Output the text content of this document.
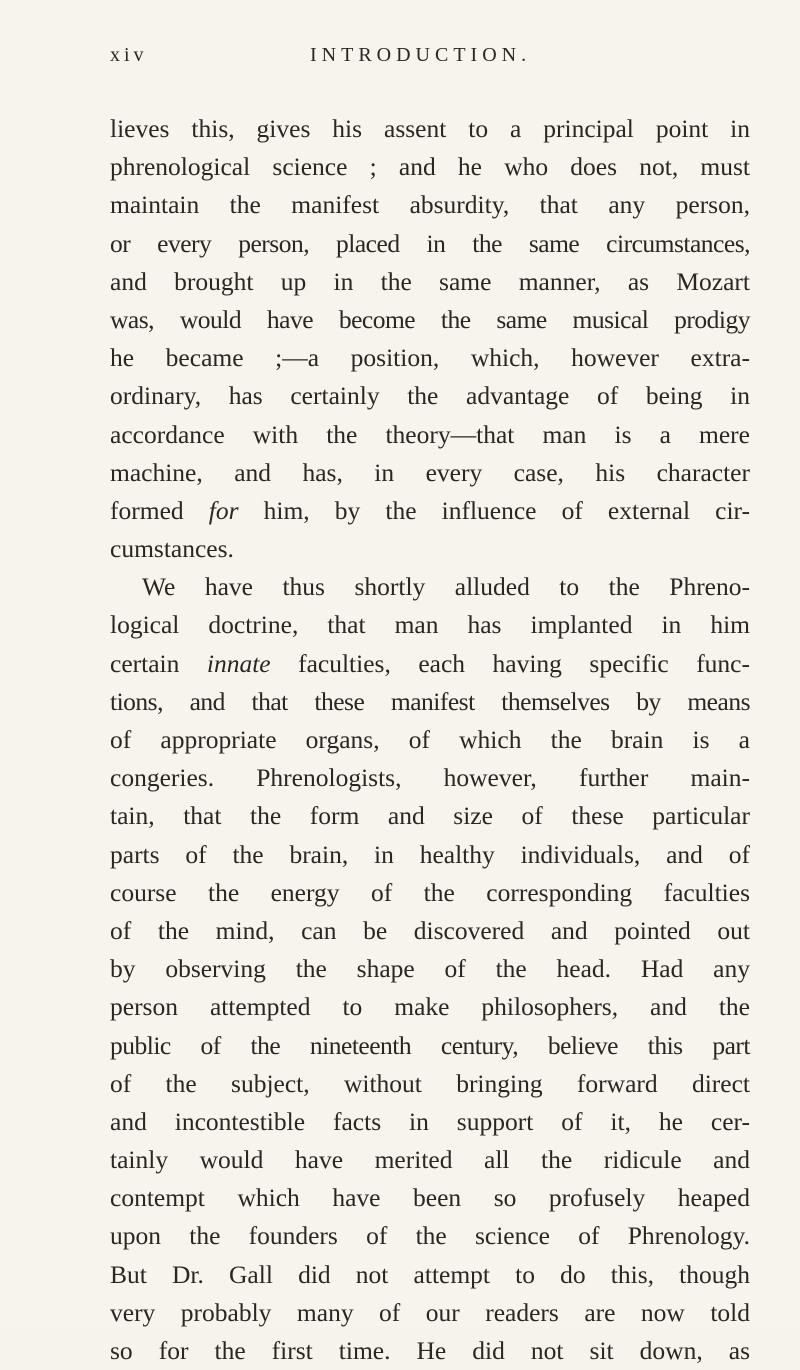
xiv	INTRODUCTION.
lieves this, gives his assent to a principal point in
phrenological science ; and he who does not, must
maintain the manifest absurdity, that any person,
or every person, placed in the same circumstances,
and brought up in the same manner, as Mozart
was, would have become the same musical prodigy
he became ;—a position, which, however extra-
ordinary, has certainly the advantage of being in
accordance with the theory—that man is a mere
machine, and has, in every case, his character
formed for him, by the influence of external cir-
cumstances.
We have thus shortly alluded to the Phreno-
logical doctrine, that man has implanted in him
certain innate faculties, each having specific func-
tions, and that these manifest themselves by means
of appropriate organs, of which the brain is a
congeries. Phrenologists, however, further main-
tain, that the form and size of these particular
parts of the brain, in healthy individuals, and of
course the energy of the corresponding faculties
of the mind, can be discovered and pointed out
by observing the shape of the head. Had any
person attempted to make philosophers, and the
public of the nineteenth century, believe this part
of the subject, without bringing forward direct
and incontestible facts in support of it, he cer-
tainly would have merited all the ridicule and
contempt which have been so profusely heaped
upon the founders of the science of Phrenology.
But Dr. Gall did not attempt to do this, though
very probably many of our readers are now told
so for the first time. He did not sit down, as
